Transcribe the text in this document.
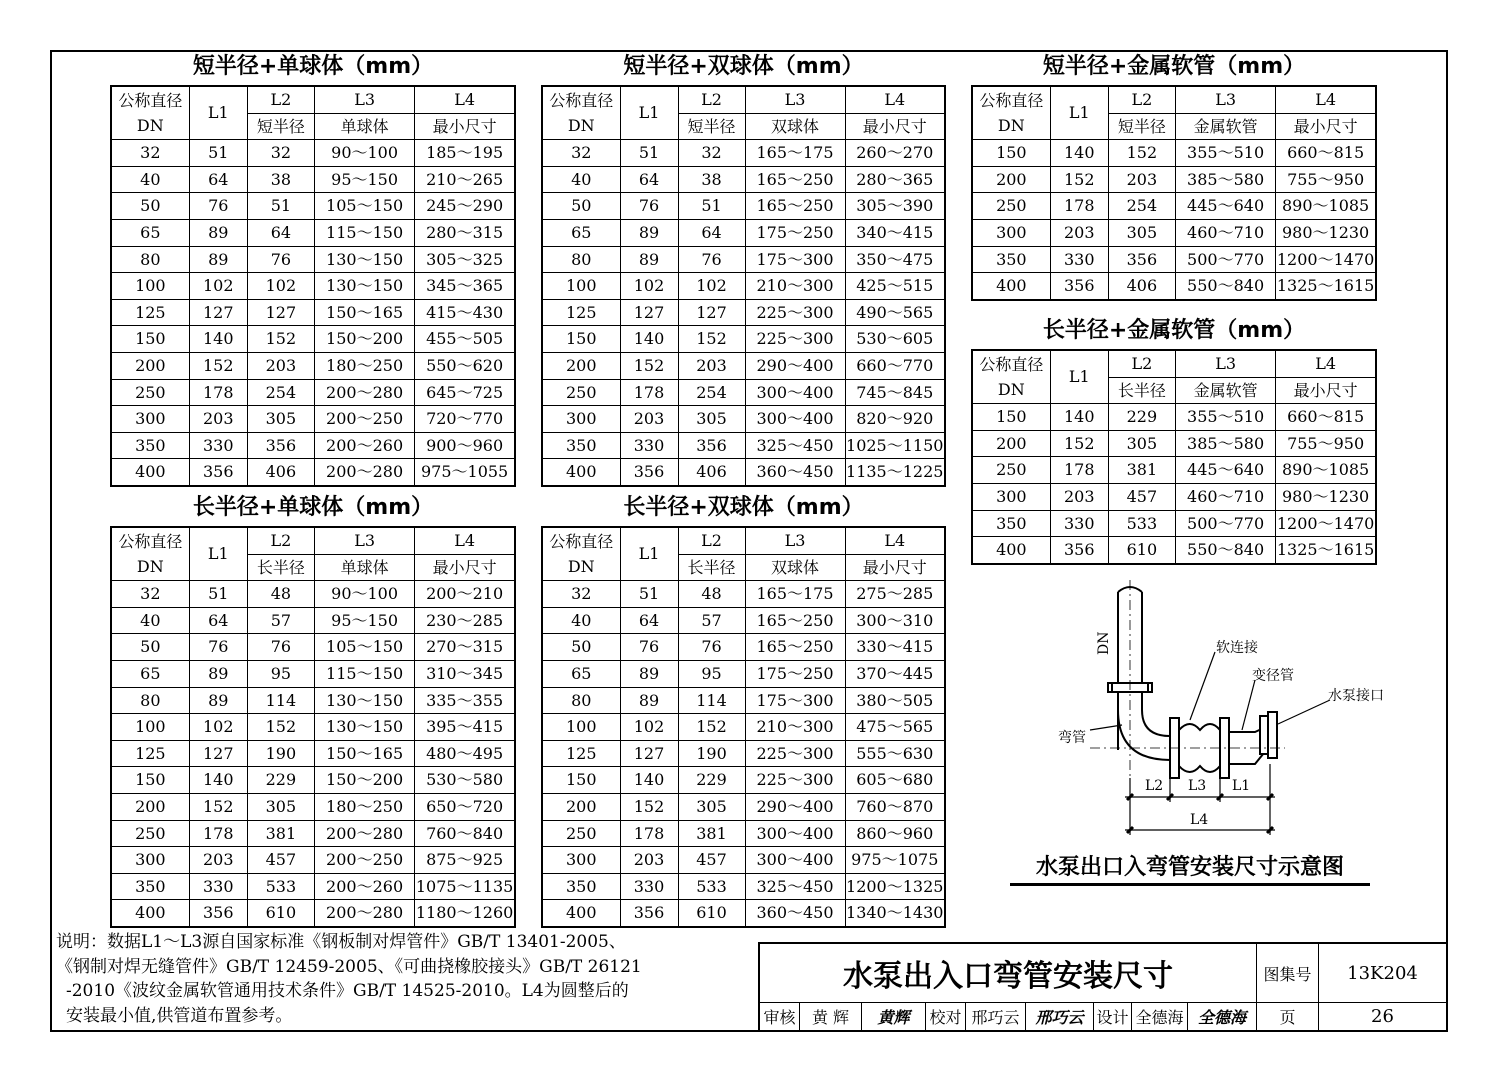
短半径+单球体（mm）
公称直径
DN	L1	L2	L3	L4
		短半径	单球体	最小尺寸
32	51	32	90～100	185～195
40	64	38	95～150	210～265
50	76	51	105～150	245～290
65	89	64	115～150	280～315
80	89	76	130～150	305～325
100	102	102	130～150	345～365
125	127	127	150～165	415～430
150	140	152	150～200	455～505
200	152	203	180～250	550～620
250	178	254	200～280	645～725
300	203	305	200～250	720～770
350	330	356	200～260	900～960
400	356	406	200～280	975～1055
短半径+双球体（mm）
公称直径
DN	L1	L2	L3	L4
		短半径	双球体	最小尺寸
32	51	32	165～175	260～270
40	64	38	165～250	280～365
50	76	51	165～250	305～390
65	89	64	175～250	340～415
80	89	76	175～300	350～475
100	102	102	210～300	425～515
125	127	127	225～300	490～565
150	140	152	225～300	530～605
200	152	203	290～400	660～770
250	178	254	300～400	745～845
300	203	305	300～400	820～920
350	330	356	325～450	1025～1150
400	356	406	360～450	1135～1225
短半径+金属软管（mm）
公称直径
DN	L1	L2	L3	L4
		短半径	金属软管	最小尺寸
150	140	152	355～510	660～815
200	152	203	385～580	755～950
250	178	254	445～640	890～1085
300	203	305	460～710	980～1230
350	330	356	500～770	1200～1470
400	356	406	550～840	1325～1615
长半径+金属软管（mm）
公称直径
DN	L1	L2	L3	L4
		长半径	金属软管	最小尺寸
150	140	229	355～510	660～815
200	152	305	385～580	755～950
250	178	381	445～640	890～1085
300	203	457	460～710	980～1230
350	330	533	500～770	1200～1470
400	356	610	550～840	1325～1615
长半径+单球体（mm）
公称直径
DN	L1	L2	L3	L4
		长半径	单球体	最小尺寸
32	51	48	90～100	200～210
40	64	57	95～150	230～285
50	76	76	105～150	270～315
65	89	95	115～150	310～345
80	89	114	130～150	335～355
100	102	152	130～150	395～415
125	127	190	150～165	480～495
150	140	229	150～200	530～580
200	152	305	180～250	650～720
250	178	381	200～280	760～840
300	203	457	200～250	875～925
350	330	533	200～260	1075～1135
400	356	610	200～280	1180～1260
长半径+双球体（mm）
公称直径
DN	L1	L2	L3	L4
		长半径	双球体	最小尺寸
32	51	48	165～175	275～285
40	64	57	165～250	300～310
50	76	76	165～250	330～415
65	89	95	175～250	370～445
80	89	114	175～300	380～505
100	102	152	210～300	475～565
125	127	190	225～300	555～630
150	140	229	225～300	605～680
200	152	305	290～400	760～870
250	178	381	300～400	860～960
300	203	457	300～400	975～1075
350	330	533	325～450	1200～1325
400	356	610	360～450	1340～1430
DN	软连接
变径管
水泵接口
弯管
L2 L3 L1
L4
水泵出口入弯管安装尺寸示意图

说明：数据L1～L3源自国家标准《钢板制对焊管件》GB/T 13401-2005、

《钢制对焊无缝管件》GB/T 12459-2005、《可曲挠橡胶接头》GB/T 26121

-2010《波纹金属软管通用技术条件》GB/T 14525-2010。L4为圆整后的

安装最小值,供管道布置参考。

水泵出入口弯管安装尺寸	图集号	13K204
审核	黄 辉	黄辉	校对 邢巧云 邢巧云 设计 全德海 全德海	页	26
